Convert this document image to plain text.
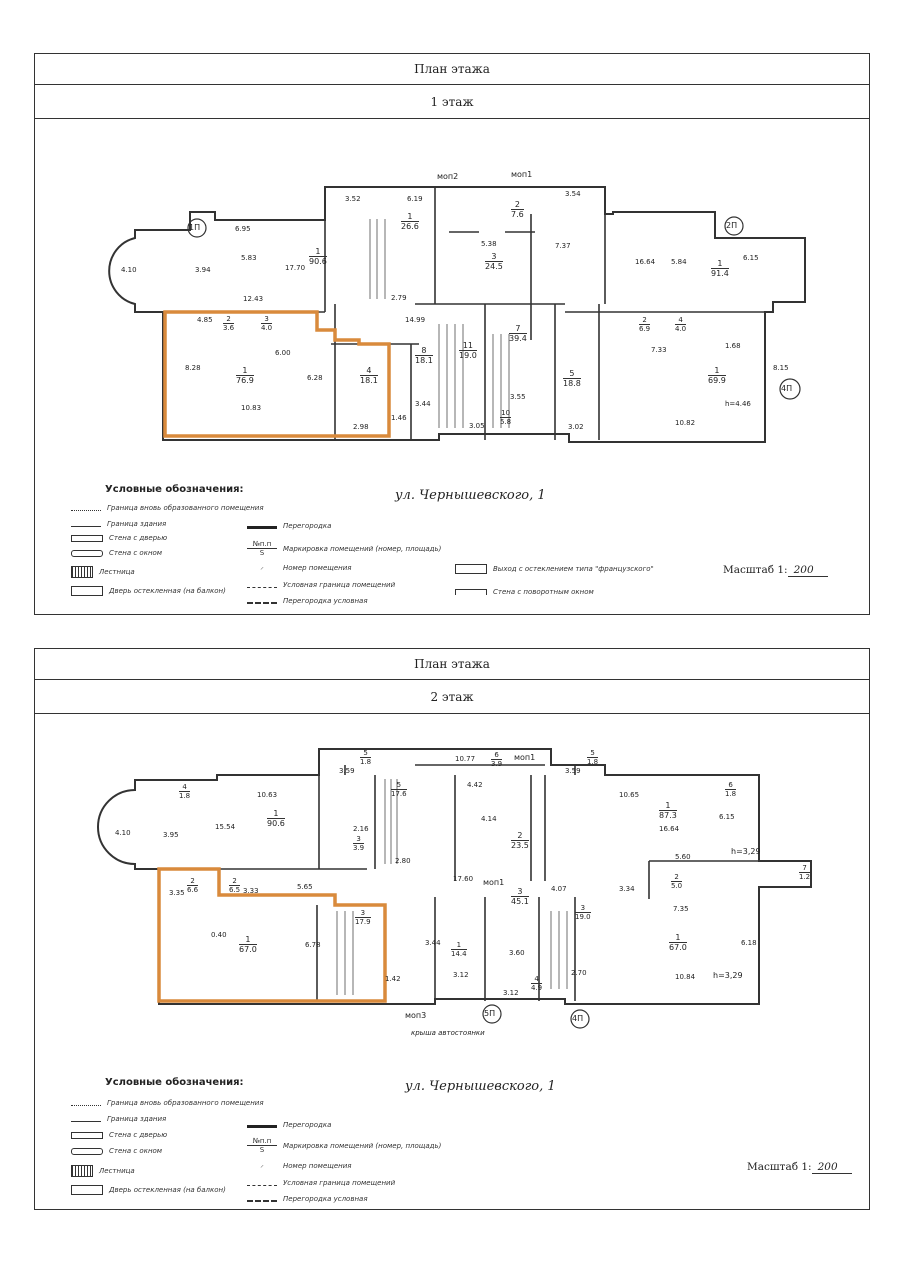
План этажа
1 этаж
1П	2П
4П
моп2	моп1
1
90.6
1
26.6
2
7.6
3
24.5	1
91.4
1
76.9
4
18.1
8
18.1
11
19.0
7
39.4
5
18.8
1
69.9
2
3.6
3
4.0
10
5.8
2
6.9
4
4.0
6.95
5.83
17.70
3.52	6.19
3.54
16.64	6.15
12.43
4.85
6.00
8.28
10.83
14.99
3.44
3.05
3.55
3.02	10.82
8.15
h=4.46
7.33	1.68
2.98
1.46
6.28
2.79
5.38	7.37
5.84
3.94
4.10
ул. Чернышевского, 1
Условные обозначения:
Граница вновь образованного помещения
Граница здания
Стена с дверью
Стена с окном
Лестница
Дверь остекленная (на балкон)
Перегородка
№п.п
S
Маркировка помещений (номер, площадь)
⸝	Номер помещения
Условная граница помещений
Перегородка условная
Выход с остеклением типа "французского"
Стена с поворотным окном
Масштаб 1: 200
План этажа
2 этаж
5П
4П
моп1
моп1
моп3
крыша автостоянки
5
1.8
6
3.9
5
1.8
4
1.8
1
90.6
5
17.6
2
23.5
1
87.3
6
1.8
7
1.2
3
3.9
2
6.6
2
6.5	3
45.1
3
17.9
1
67.0	1
14.4
3
19.0
1
67.0
4
4.9
2
5.0
3.59
10.77
3.59
10.63
15.54
10.65
16.64
6.15
4.10	3.95
4.42
4.14
2.16
2.80
17.60
5.65
3.33
3.35
0.40
6.78	3.44
3.12
3.60
3.12
2.70	10.84 h=3,29
h=3,29
6.18
5.60
4.07	3.34
7.35
1.42
ул. Чернышевского, 1
Условные обозначения:
Граница вновь образованного помещения
Граница здания
Стена с дверью
Стена с окном
Лестница
Дверь остекленная (на балкон)
Перегородка
№п.п
S
Маркировка помещений (номер, площадь)
⸝	Номер помещения
Условная граница помещений
Перегородка условная
Масштаб 1: 200
